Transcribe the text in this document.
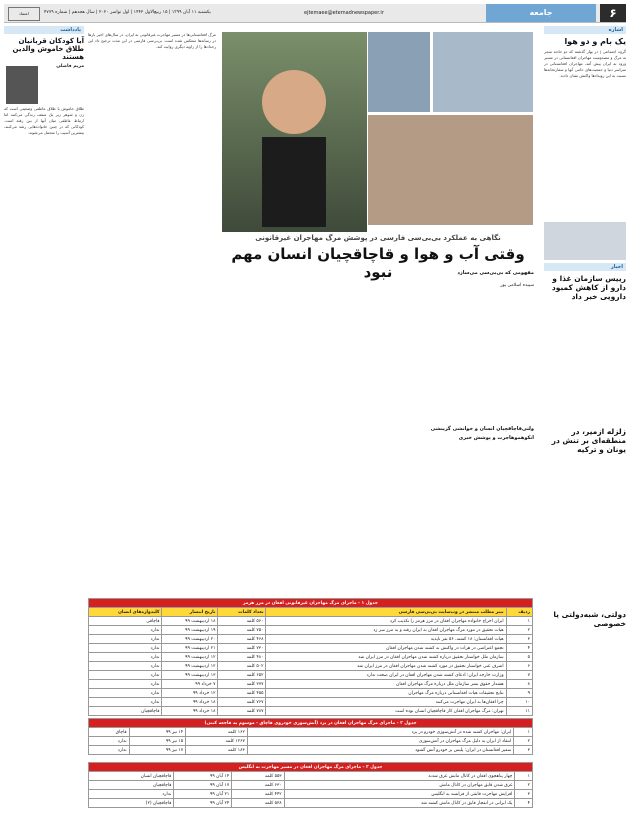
۶
جامعه
ejtemaee@etemadnewspaper.ir
یکشنبه ۱۱ آبان ۱۳۹۹ | ۱۵ ربیع‌الاول ۱۴۴۲ | اول نوامبر ۲۰۲۰ | سال هجدهم | شماره ۴۷۷۹
اعتماد
اشاره
یک بام و دو هوا
گروه اجتماعی | در بهار گذشته که دو حادثه منجر به مرگ و مصدومیت مهاجران افغانستانی در مسیر ورود به ایران پیش آمد، مهاجران افغانستانی در سراسر دنیا و جمعیت‌های حامی آنها و سفارتخانه‌ها نسبت به این رویدادها واکنش نشان دادند.
اخبار
رییس سازمان غذا و دارو از کاهش کمبود دارویی خبر داد
زلزله ازمیر، در منطقه‌ای بر تنش در یونان و ترکیه
دولتی، شبه‌دولتی یا خصوصی
نگاهی به عملکرد بی‌بی‌سی فارسی در پوشش مرگ مهاجران غیرقانونی
وقتی آب و هوا و قاچاقچیان انسان مهم نبود
سپیده اسلامی پور
مرگ افغانستانی‌ها در مسیر مهاجرت غیرقانونی به ایران، در سال‌های اخیر بارها در رسانه‌ها منعکس شده است. بی‌بی‌سی فارسی در این مدت ترجیح داد این رخدادها را از زاویه دیگری روایت کند.
مفهومی که بی‌بی‌سی می‌سازد
ولتی‌قاچاقچیان انسان و خوانشی گزینشی
انکوهموهاجرت و پوشش خبری
یادداشت
آیا کودکان قربانیان طلاق خاموش والدین هستند
مریم فاضلی
طلاق خاموش یا طلاق عاطفی وضعیتی است که زن و شوهر زیر یک سقف زندگی می‌کنند اما ارتباط عاطفی میان آنها از بین رفته است. کودکانی که در چنین خانواده‌هایی رشد می‌کنند، بیشترین آسیب را متحمل می‌شوند.
جدول ۱ - ماجرای مرگ مهاجران غیرقانونی افغان در مرز هرمز				
ردیف	تیتر مطلب منتشر در وب‌سایت بی‌بی‌سی فارسی	تعداد کلمات	تاریخ انتشار	کلیدواژه‌های انسان
۱	ایران اخراج خانواده مهاجران افغان در مرز هرمز را تکذیب کرد	۵۶۰ کلمه	۱۸ اردیبهشت ۹۹	قاچاقی
۲	هیات تحقیق در مورد مرگ مهاجران افغان به ایران رفته و به مرز سر زد	۷۵۰ کلمه	۱۹ اردیبهشت ۹۹	ندارد
۳	هیات افغانستان: ۱۸ کشته، ۵۶ نفر ناپدید	۴۶۸ کلمه	۲۰ اردیبهشت ۹۹	ندارد
۴	تجمع اعتراضی در هرات در واکنش به کشته شدن مهاجران افغان	۷۳۰ کلمه	۲۱ اردیبهشت ۹۹	ندارد
۵	سازمان ملل خواستار تحقیق درباره کشته شدن مهاجران افغان در مرز ایران شد	۴۸۰ کلمه	۱۲ اردیبهشت ۹۹	ندارد
۶	اشرف غنی خواستار تحقیق در مورد کشته شدن مهاجران افغان در مرز ایران شد	۵۰۲ کلمه	۱۲ اردیبهشت ۹۹	ندارد
۷	وزارت خارجه ایران: ادعای کشته شدن مهاجران افغان در ایران صحت ندارد	۶۵۲ کلمه	۱۳ اردیبهشت ۹۹	ندارد
۸	هشدار حقوق بشر سازمان ملل درباره مرگ مهاجران افغان	۳۷۷ کلمه	۷ خرداد ۹۹	ندارد
۹	نتایج تحقیقات هیات افغانستانی درباره مرگ مهاجران	۴۵۵ کلمه	۱۲ خرداد ۹۹	ندارد
۱۰	چرا افغان‌ها به ایران مهاجرت می‌کنند	۷۶۷ کلمه	۱۸ خرداد ۹۹	ندارد
۱۱	تهران: مرگ مهاجران افغان کار قاچاقچیان انسان بوده است	۷۸۷ کلمه	۱۸ خرداد ۹۹	قاچاقچیان
جدول ۲ - ماجرای مرگ مهاجران افغان در یزد (آتش‌سوزی خودروی قاچاق - موسوم به فاجعه کنتی)				
۱	ایران: مهاجران کشته شده در آتش‌سوزی خودرو در یزد	۱۶۲ کلمه	۱۴ تیر ۹۹	قاچاق
۲	انتقاد از ایران به دلیل مرگ مهاجران در آتش‌سوزی	۱۲۶۷ کلمه	۱۵ تیر ۹۹	ندارد
۳	سفیر افغانستان در ایران: پلیس بر خودرو آتش گشود	۱۸۳ کلمه	۱۷ تیر ۹۹	ندارد
جدول ۳ - ماجرای مرگ مهاجران افغان در مسیر مهاجرت به انگلیس				
۱	چهار پناهجوی افغان در کانال مانش غرق شدند	۵۵۳ کلمه	۱۴ آبان ۹۹	قاچاقچیان انسان
۲	غرق شدن قایق مهاجران در کانال مانش	۶۳۰ کلمه	۱۷ آبان ۹۹	قاچاقچیان
۳	افزایش مهاجرت قایقی از فرانسه به انگلیس	۴۴۲ کلمه	۲۱ آبان ۹۹	ندارد
۴	یک ایرانی در انفجار قایق در کانال مانش کشته شد	۵۳۸ کلمه	۲۴ آبان ۹۹	قاچاقچیان (۲)
